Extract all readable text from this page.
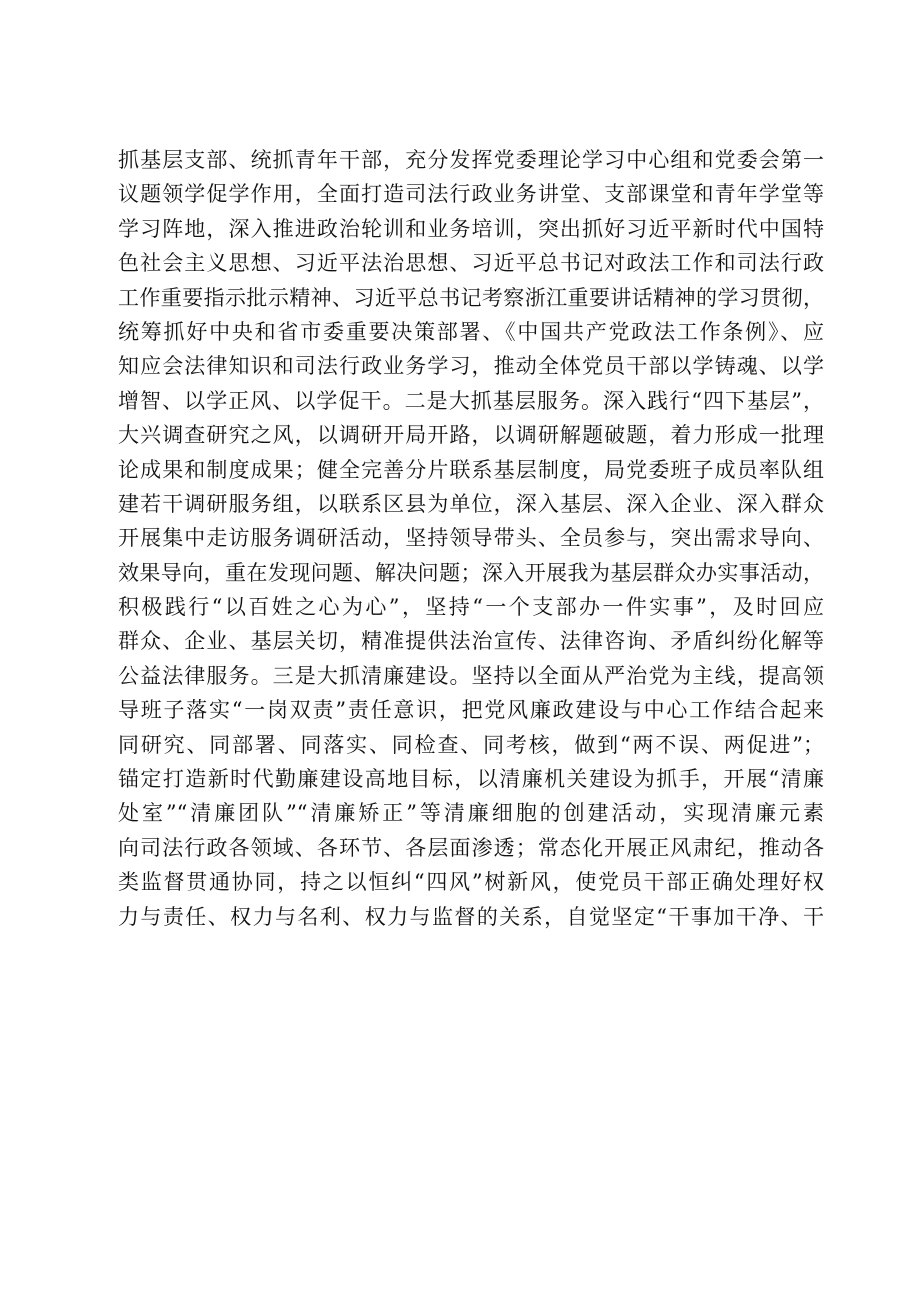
抓基层支部、统抓青年干部，充分发挥党委理论学习中心组和党委会第一
议题领学促学作用，全面打造司法行政业务讲堂、支部课堂和青年学堂等
学习阵地，深入推进政治轮训和业务培训，突出抓好习近平新时代中国特
色社会主义思想、习近平法治思想、习近平总书记对政法工作和司法行政
工作重要指示批示精神、习近平总书记考察浙江重要讲话精神的学习贯彻，
统筹抓好中央和省市委重要决策部署、《中国共产党政法工作条例》、应
知应会法律知识和司法行政业务学习，推动全体党员干部以学铸魂、以学
增智、以学正风、以学促干。二是大抓基层服务。深入践行“四下基层”，
大兴调查研究之风，以调研开局开路，以调研解题破题，着力形成一批理
论成果和制度成果；健全完善分片联系基层制度，局党委班子成员率队组
建若干调研服务组，以联系区县为单位，深入基层、深入企业、深入群众
开展集中走访服务调研活动，坚持领导带头、全员参与，突出需求导向、
效果导向，重在发现问题、解决问题；深入开展我为基层群众办实事活动，
积极践行“以百姓之心为心”，坚持“一个支部办一件实事”，及时回应
群众、企业、基层关切，精准提供法治宣传、法律咨询、矛盾纠纷化解等
公益法律服务。三是大抓清廉建设。坚持以全面从严治党为主线，提高领
导班子落实“一岗双责”责任意识，把党风廉政建设与中心工作结合起来
同研究、同部署、同落实、同检查、同考核，做到“两不误、两促进”；
锚定打造新时代勤廉建设高地目标，以清廉机关建设为抓手，开展“清廉
处室”“清廉团队”“清廉矫正”等清廉细胞的创建活动，实现清廉元素
向司法行政各领域、各环节、各层面渗透；常态化开展正风肃纪，推动各
类监督贯通协同，持之以恒纠“四风”树新风，使党员干部正确处理好权
力与责任、权力与名利、权力与监督的关系，自觉坚定“干事加干净、干
